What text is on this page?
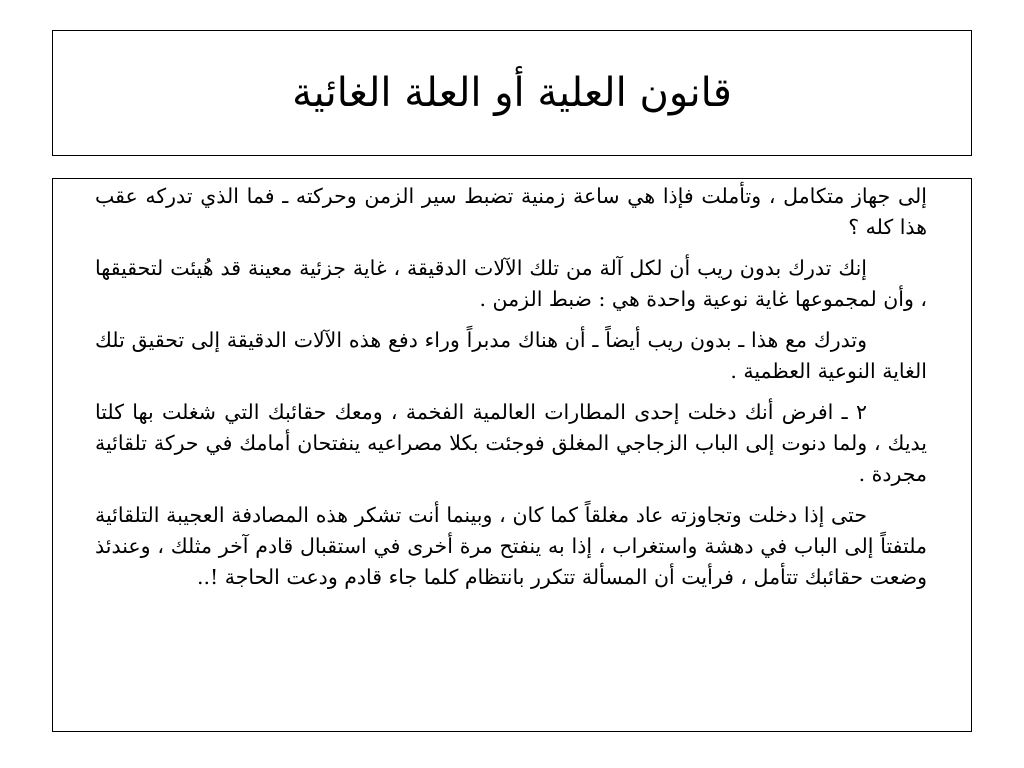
قانون العلية أو العلة الغائية

إلى جهاز متكامل ، وتأملت فإذا هي ساعة زمنية تضبط سير الزمن وحركته ـ فما الذي تدركه عقب هذا كله ؟

إنك تدرك بدون ريب أن لكل آلة من تلك الآلات الدقيقة ، غاية جزئية معينة قد هُيئت لتحقيقها ، وأن لمجموعها غاية نوعية واحدة هي : ضبط الزمن .

وتدرك مع هذا ـ بدون ريب أيضاً ـ أن هناك مدبراً وراء دفع هذه الآلات الدقيقة إلى تحقيق تلك الغاية النوعية العظمية .

٢ ـ افرض أنك دخلت إحدى المطارات العالمية الفخمة ، ومعك حقائبك التي شغلت بها كلتا يديك ، ولما دنوت إلى الباب الزجاجي المغلق فوجئت بكلا مصراعيه ينفتحان أمامك في حركة تلقائية مجردة .

حتى إذا دخلت وتجاوزته عاد مغلقاً كما كان ، وبينما أنت تشكر هذه المصادفة العجيبة التلقائية ملتفتاً إلى الباب في دهشة واستغراب ، إذا به ينفتح مرة أخرى في استقبال قادم آخر مثلك ، وعندئذ وضعت حقائبك تتأمل ، فرأيت أن المسألة تتكرر بانتظام كلما جاء قادم ودعت الحاجة !..
